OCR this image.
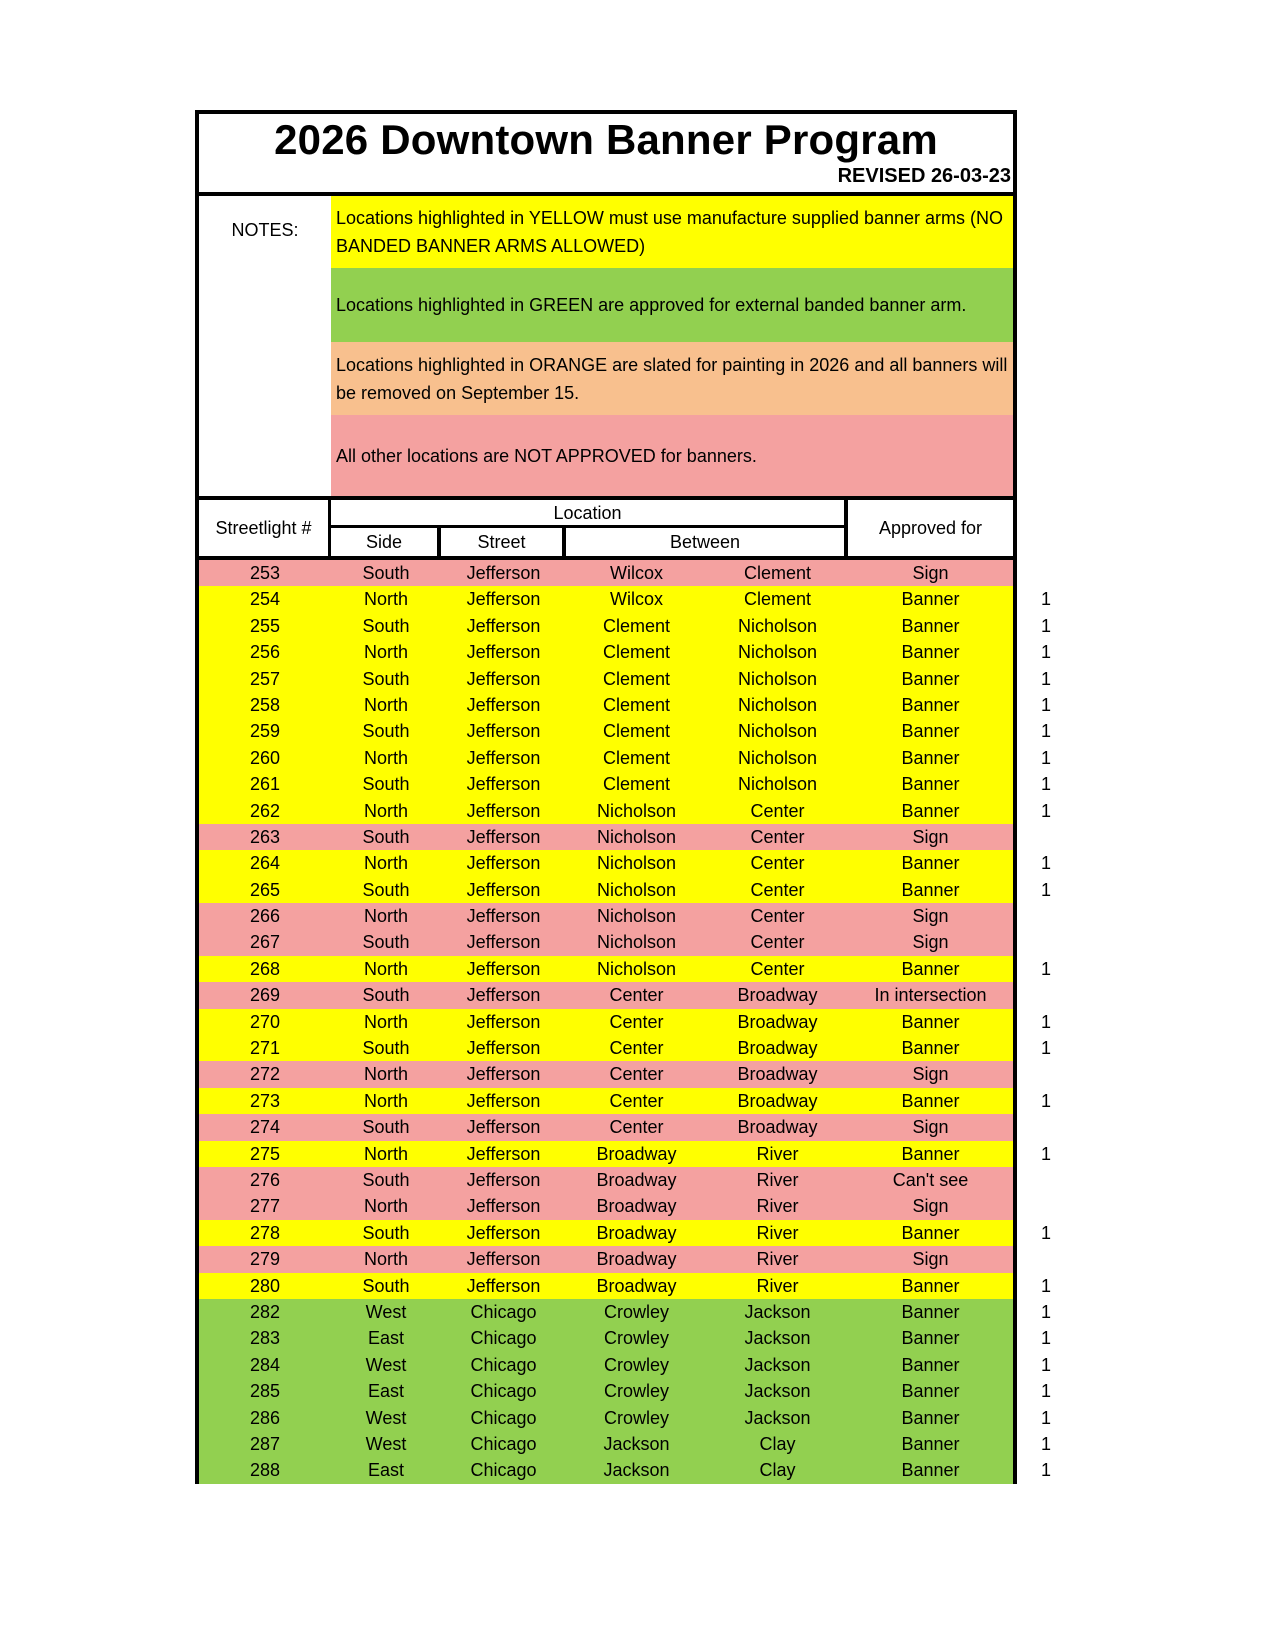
2026 Downtown Banner Program
REVISED 26-03-23
NOTES:
Locations highlighted in YELLOW must use manufacture supplied banner arms (NO BANDED BANNER ARMS ALLOWED)
Locations highlighted in GREEN are approved for external banded banner arm.
Locations highlighted in ORANGE are slated for painting in 2026 and all banners will be removed on September 15.
All other locations are NOT APPROVED for banners.
Streetlight #
Location
Side	Street	Between
Approved for
253	South	Jefferson	Wilcox	Clement	Sign
254	North	Jefferson	Wilcox	Clement	Banner	1
255	South	Jefferson	Clement	Nicholson	Banner	1
256	North	Jefferson	Clement	Nicholson	Banner	1
257	South	Jefferson	Clement	Nicholson	Banner	1
258	North	Jefferson	Clement	Nicholson	Banner	1
259	South	Jefferson	Clement	Nicholson	Banner	1
260	North	Jefferson	Clement	Nicholson	Banner	1
261	South	Jefferson	Clement	Nicholson	Banner	1
262	North	Jefferson	Nicholson	Center	Banner	1
263	South	Jefferson	Nicholson	Center	Sign
264	North	Jefferson	Nicholson	Center	Banner	1
265	South	Jefferson	Nicholson	Center	Banner	1
266	North	Jefferson	Nicholson	Center	Sign
267	South	Jefferson	Nicholson	Center	Sign
268	North	Jefferson	Nicholson	Center	Banner	1
269	South	Jefferson	Center	Broadway	In intersection
270	North	Jefferson	Center	Broadway	Banner	1
271	South	Jefferson	Center	Broadway	Banner	1
272	North	Jefferson	Center	Broadway	Sign
273	North	Jefferson	Center	Broadway	Banner	1
274	South	Jefferson	Center	Broadway	Sign
275	North	Jefferson	Broadway	River	Banner	1
276	South	Jefferson	Broadway	River	Can't see
277	North	Jefferson	Broadway	River	Sign
278	South	Jefferson	Broadway	River	Banner	1
279	North	Jefferson	Broadway	River	Sign
280	South	Jefferson	Broadway	River	Banner	1
282	West	Chicago	Crowley	Jackson	Banner	1
283	East	Chicago	Crowley	Jackson	Banner	1
284	West	Chicago	Crowley	Jackson	Banner	1
285	East	Chicago	Crowley	Jackson	Banner	1
286	West	Chicago	Crowley	Jackson	Banner	1
287	West	Chicago	Jackson	Clay	Banner	1
288	East	Chicago	Jackson	Clay	Banner	1
